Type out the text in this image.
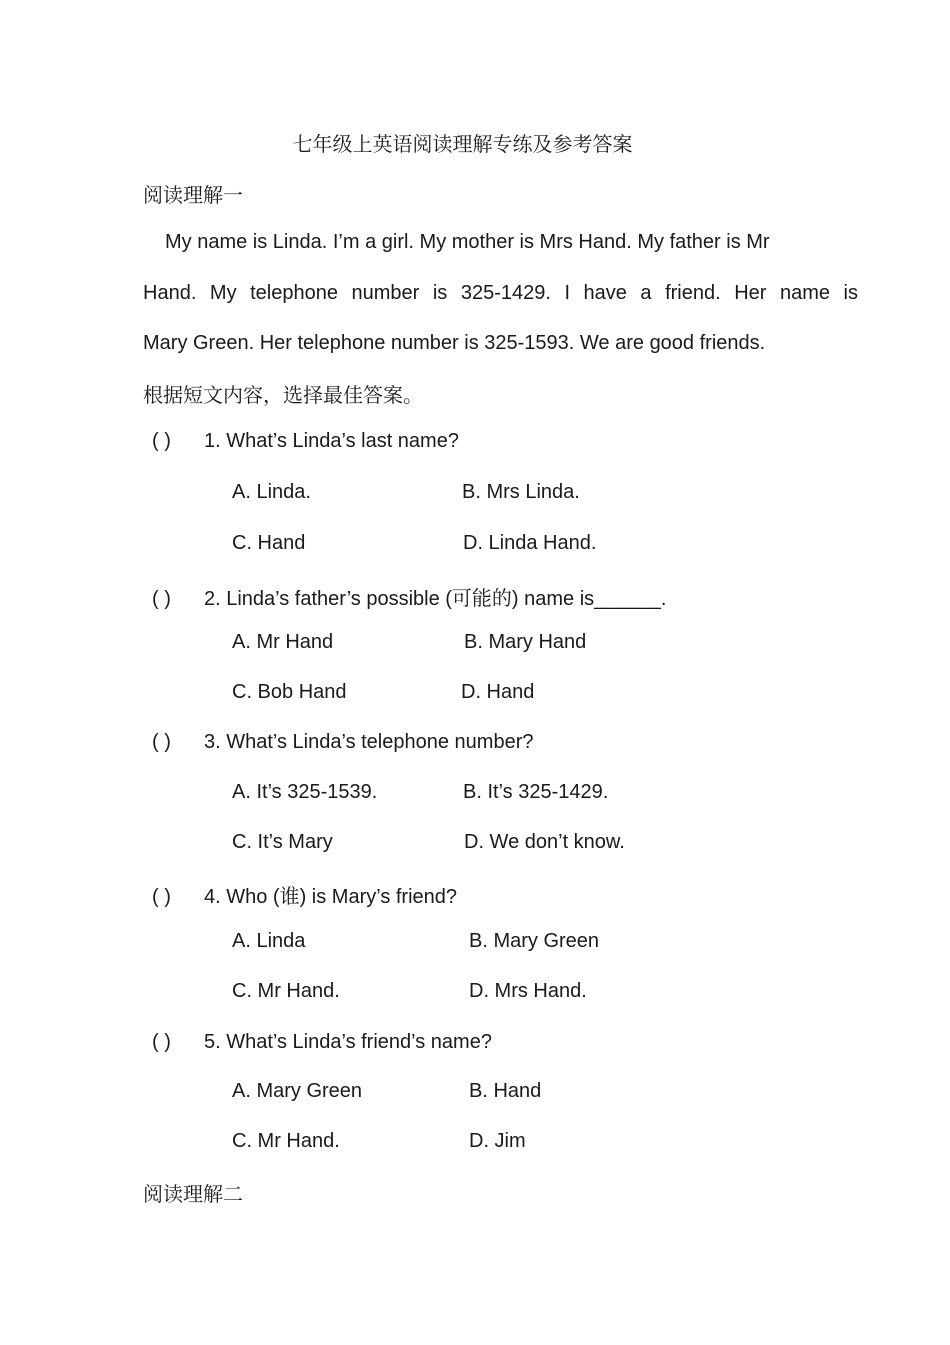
七年级上英语阅读理解专练及参考答案
阅读理解一
My name is Linda. I’m a girl. My mother is Mrs Hand. My father is Mr
Hand. My telephone number is 325-1429. I have a friend. Her name is
Mary Green. Her telephone number is 325-1593. We are good friends.
根据短文内容，选择最佳答案。
( ) 1. What’s Linda’s last name?
A. Linda.	B. Mrs Linda.
C. Hand	D. Linda Hand.
( ) 2. Linda’s father’s possible (可能的) name is______.
A. Mr Hand	B. Mary Hand
C. Bob Hand	D. Hand
( ) 3. What’s Linda’s telephone number?
A. It’s 325-1539.	B. It’s 325-1429.
C. It’s Mary	D. We don’t know.
( ) 4. Who (谁) is Mary’s friend?
A. Linda	B. Mary Green
C. Mr Hand.	D. Mrs Hand.
( ) 5. What’s Linda’s friend’s name?
A. Mary Green	B. Hand
C. Mr Hand.	D. Jim
阅读理解二
